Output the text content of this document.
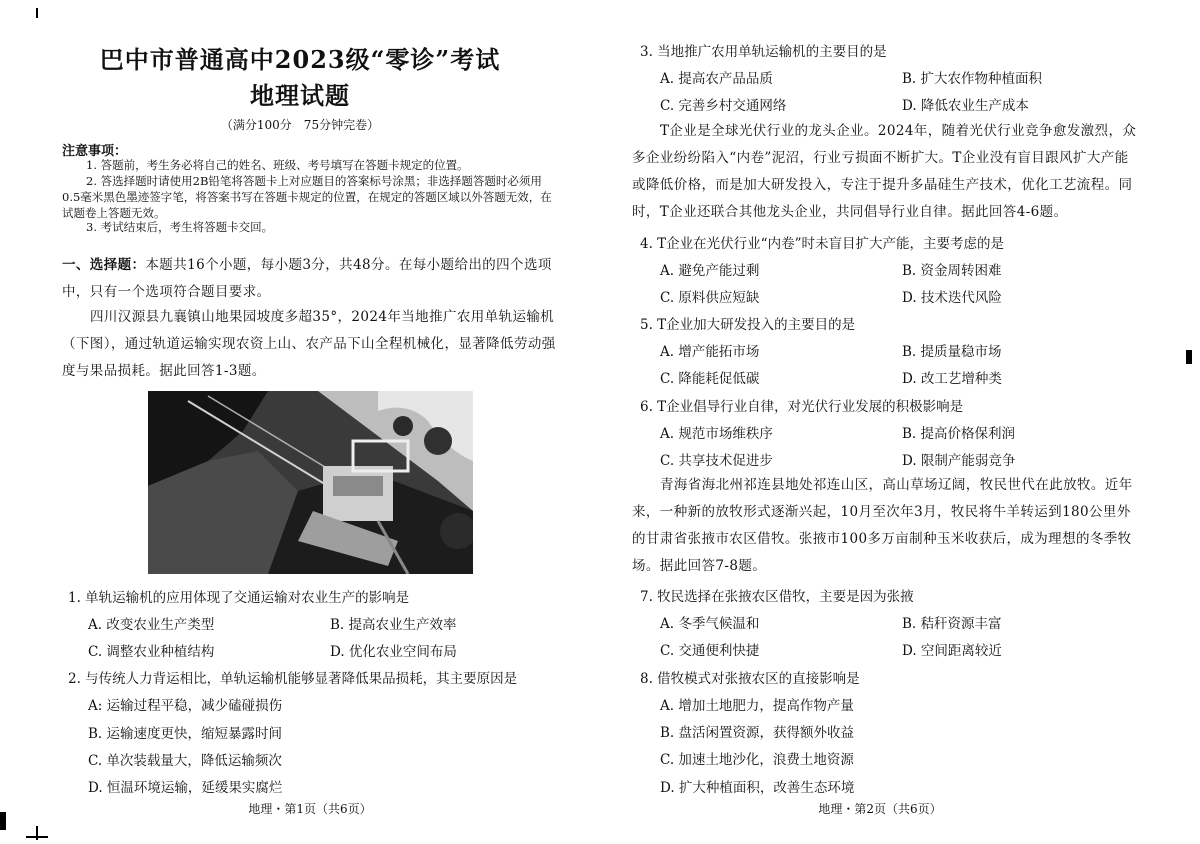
巴中市普通高中2023级“零诊”考试
地理试题
（满分100分　75分钟完卷）
注意事项：
1. 答题前，考生务必将自己的姓名、班级、考号填写在答题卡规定的位置。
2. 答选择题时请使用2B铅笔将答题卡上对应题目的答案标号涂黑；非选择题答题时必须用0.5毫米黑色墨迹签字笔，将答案书写在答题卡规定的位置，在规定的答题区域以外答题无效，在试题卷上答题无效。
3. 考试结束后，考生将答题卡交回。
一、选择题：本题共16个小题，每小题3分，共48分。在每小题给出的四个选项中，只有一个选项符合题目要求。
四川汉源县九襄镇山地果园坡度多超35°，2024年当地推广农用单轨运输机（下图），通过轨道运输实现农资上山、农产品下山全程机械化，显著降低劳动强度与果品损耗。据此回答1-3题。
1. 单轨运输机的应用体现了交通运输对农业生产的影响是
A. 改变农业生产类型	B. 提高农业生产效率
C. 调整农业种植结构	D. 优化农业空间布局
2. 与传统人力背运相比，单轨运输机能够显著降低果品损耗，其主要原因是
A: 运输过程平稳，减少磕碰损伤
B. 运输速度更快，缩短暴露时间
C. 单次装载量大，降低运输频次
D. 恒温环境运输，延缓果实腐烂
地理・第1页（共6页）
3. 当地推广农用单轨运输机的主要目的是
A. 提高农产品品质	B. 扩大农作物种植面积
C. 完善乡村交通网络	D. 降低农业生产成本
T企业是全球光伏行业的龙头企业。2024年，随着光伏行业竞争愈发激烈，众多企业纷纷陷入“内卷”泥沼，行业亏损面不断扩大。T企业没有盲目跟风扩大产能或降低价格，而是加大研发投入，专注于提升多晶硅生产技术，优化工艺流程。同时，T企业还联合其他龙头企业，共同倡导行业自律。据此回答4-6题。
4. T企业在光伏行业“内卷”时未盲目扩大产能，主要考虑的是
A. 避免产能过剩	B. 资金周转困难
C. 原料供应短缺	D. 技术迭代风险
5. T企业加大研发投入的主要目的是
A. 增产能拓市场	B. 提质量稳市场
C. 降能耗促低碳	D. 改工艺增种类
6. T企业倡导行业自律，对光伏行业发展的积极影响是
A. 规范市场维秩序	B. 提高价格保利润
C. 共享技术促进步	D. 限制产能弱竞争
青海省海北州祁连县地处祁连山区，高山草场辽阔，牧民世代在此放牧。近年来，一种新的放牧形式逐渐兴起，10月至次年3月，牧民将牛羊转运到180公里外的甘肃省张掖市农区借牧。张掖市100多万亩制种玉米收获后，成为理想的冬季牧场。据此回答7-8题。
7. 牧民选择在张掖农区借牧，主要是因为张掖
A. 冬季气候温和	B. 秸秆资源丰富
C. 交通便利快捷	D. 空间距离较近
8. 借牧模式对张掖农区的直接影响是
A. 增加土地肥力，提高作物产量
B. 盘活闲置资源，获得额外收益
C. 加速土地沙化，浪费土地资源
D. 扩大种植面积，改善生态环境
地理・第2页（共6页）
